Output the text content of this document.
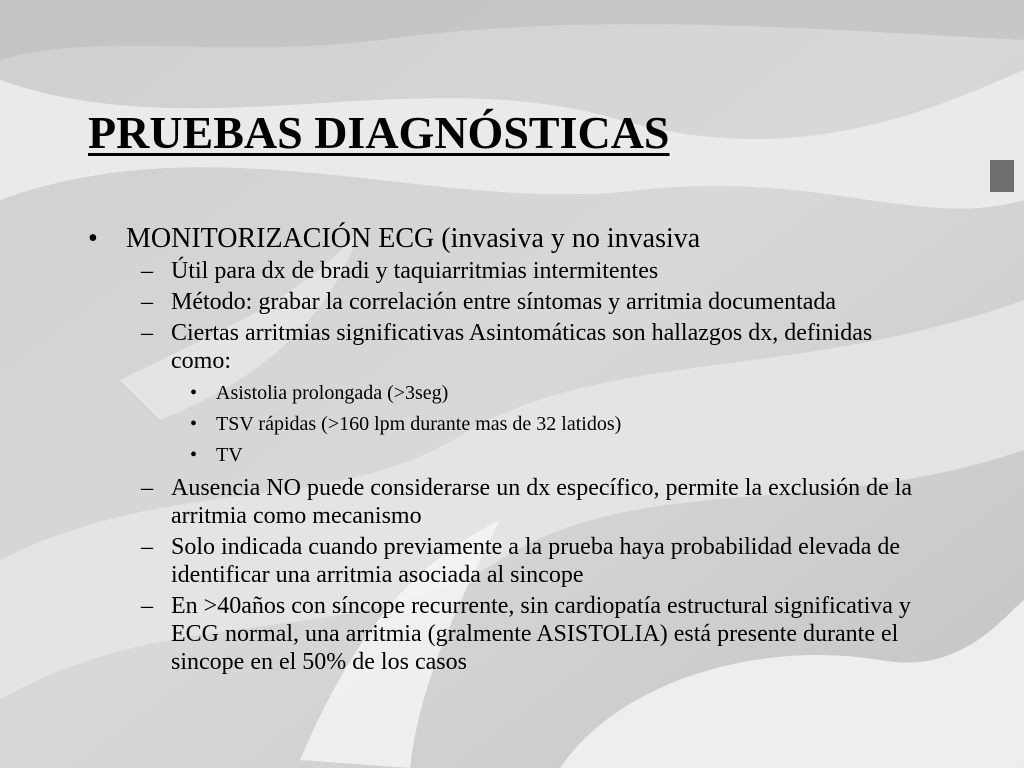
PRUEBAS DIAGNÓSTICAS
• MONITORIZACIÓN ECG (invasiva y no invasiva
– Útil para dx de bradi y taquiarritmias intermitentes
– Método: grabar la correlación entre síntomas y arritmia documentada
– Ciertas arritmias significativas Asintomáticas son hallazgos dx, definidas como:
• Asistolia prolongada (>3seg)
• TSV rápidas (>160 lpm durante mas de 32 latidos)
• TV
– Ausencia NO puede considerarse un dx específico, permite la exclusión de la arritmia como mecanismo
– Solo indicada cuando previamente a la prueba haya probabilidad elevada de identificar una arritmia asociada al sincope
– En >40años con síncope recurrente, sin cardiopatía estructural significativa y ECG normal, una arritmia (gralmente ASISTOLIA) está presente durante el sincope en el 50% de los casos
